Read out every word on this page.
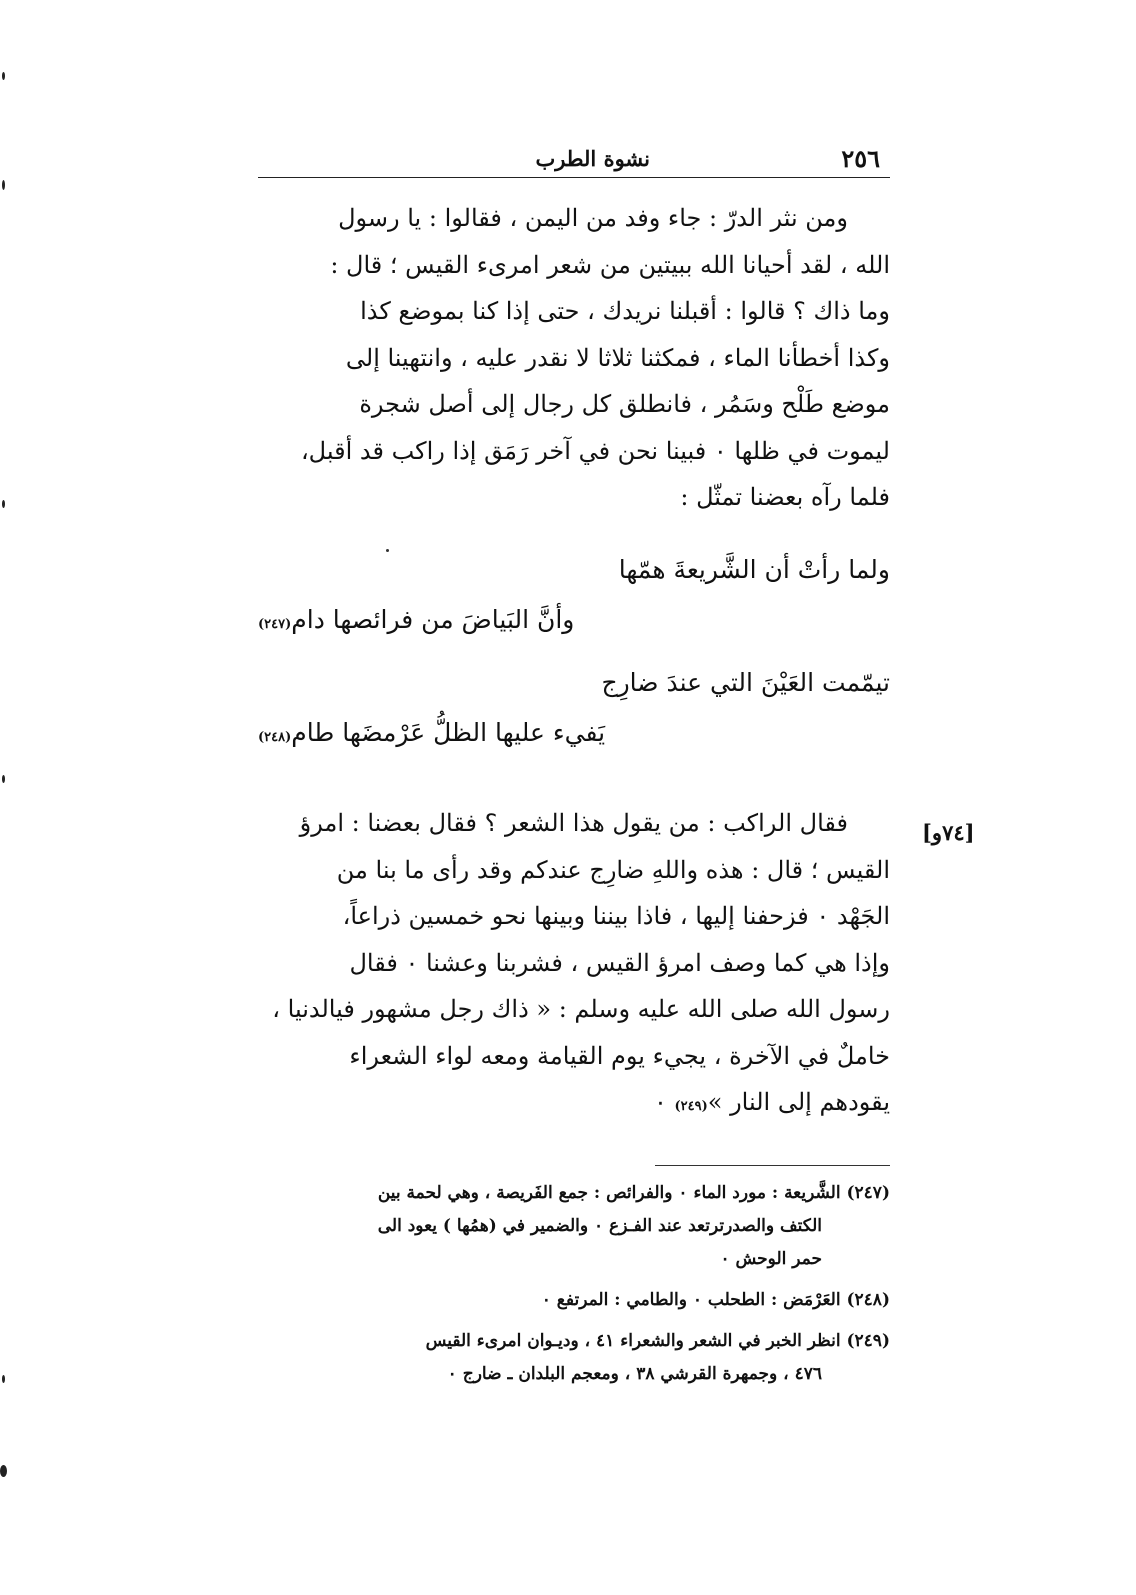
٢٥٦
نشوة الطرب
ومن نثر الدرّ : جاء وفد من اليمن ، فقالوا : يا رسول
الله ، لقد أحيانا الله ببيتين من شعر امرىء القيس ؛ قال :
وما ذاك ؟ قالوا : أقبلنا نريدك ، حتى إذا كنا بموضع كذا
وكذا أخطأنا الماء ، فمكثنا ثلاثا لا نقدر عليه ، وانتهينا إلى
موضع طَلْح وسَمُر ، فانطلق كل رجال إلى أصل شجرة
ليموت في ظلها ٠ فبينا نحن في آخر رَمَق إذا راكب قد أقبل،
فلما رآه بعضنا تمثّل :
ولما رأتْ أن الشَّريعةَ همّها
وأنَّ البَياضَ من فرائصها دام(٢٤٧)
تيمّمت العَيْنَ التي عندَ ضارِج
يَفيء عليها الظلُّ عَرْمضَها طام(٢٤٨)
[٧٤و]
فقال الراكب : من يقول هذا الشعر ؟ فقال بعضنا : امرؤ
القيس ؛ قال : هذه واللهِ ضارِج عندكم وقد رأى ما بنا من
الجَهْد ٠ فزحفنا إليها ، فاذا بيننا وبينها نحو خمسين ذراعاً،
وإذا هي كما وصف امرؤ القيس ، فشربنا وعشنا ٠ فقال
رسول الله صلى الله عليه وسلم : « ذاك رجل مشهور فيالدنيا ،
خاملٌ في الآخرة ، يجيء يوم القيامة ومعه لواء الشعراء
يقودهم إلى النار »(٢٤٩) ٠
(٢٤٧) الشَّريعة : مورد الماء ٠ والفرائص : جمع الفَريصة ، وهي لحمة بين
الكتف والصدرترتعد عند الفـزع ٠ والضمير في (همُها ) يعود الى
حمر الوحش ٠
(٢٤٨) العَرْمَض : الطحلب ٠ والطامي : المرتفع ٠
(٢٤٩) انظر الخبر في الشعر والشعراء ٤١ ، وديـوان امرىء القيس
٤٧٦ ، وجمهرة القرشي ٣٨ ، ومعجم البلدان ـ ضارج ٠
